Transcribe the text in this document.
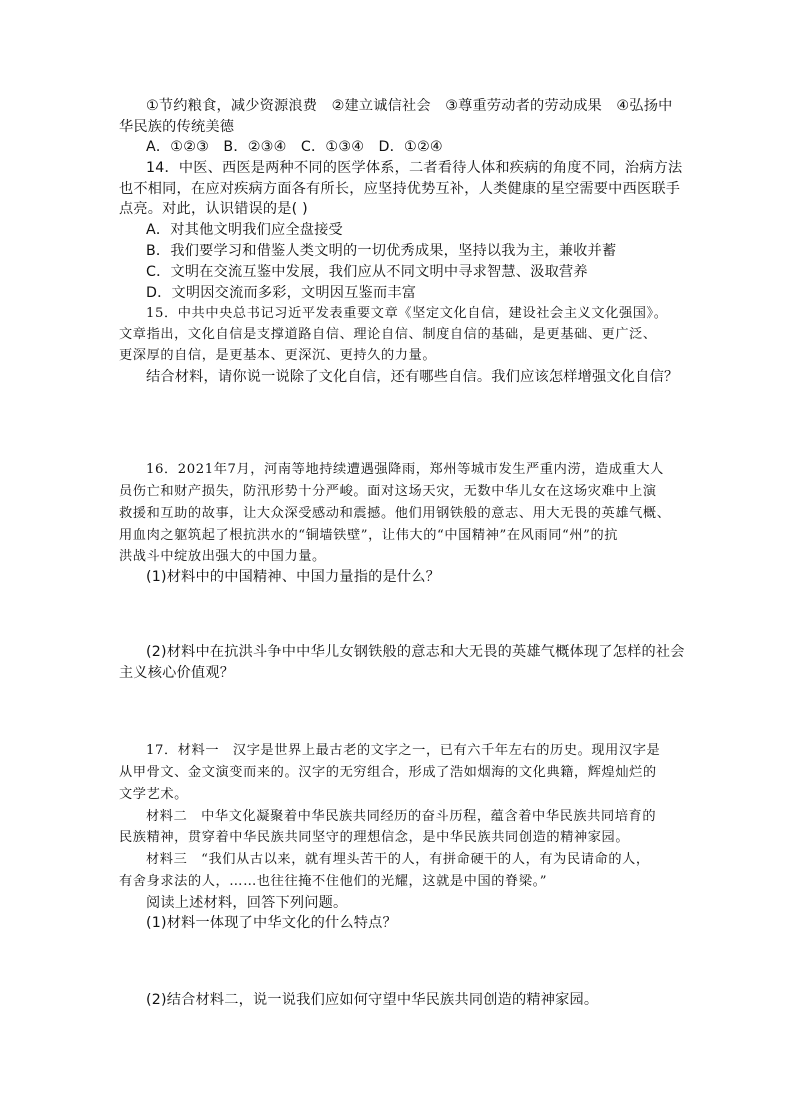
①节约粮食，减少资源浪费　②建立诚信社会　③尊重劳动者的劳动成果　④弘扬中
华民族的传统美德
A．①②③　B．②③④　C．①③④　D．①②④
14．中医、西医是两种不同的医学体系，二者看待人体和疾病的角度不同，治病方法
也不相同，在应对疾病方面各有所长，应坚持优势互补，人类健康的星空需要中西医联手
点亮。对此，认识错误的是( )
A．对其他文明我们应全盘接受
B．我们要学习和借鉴人类文明的一切优秀成果，坚持以我为主，兼收并蓄
C．文明在交流互鉴中发展，我们应从不同文明中寻求智慧、汲取营养
D．文明因交流而多彩，文明因互鉴而丰富
15．中共中央总书记习近平发表重要文章《坚定文化自信，建设社会主义文化强国》。
文章指出，文化自信是支撑道路自信、理论自信、制度自信的基础，是更基础、更广泛、
更深厚的自信，是更基本、更深沉、更持久的力量。
结合材料，请你说一说除了文化自信，还有哪些自信。我们应该怎样增强文化自信？
16．2021年7月，河南等地持续遭遇强降雨，郑州等城市发生严重内涝，造成重大人
员伤亡和财产损失，防汛形势十分严峻。面对这场天灾，无数中华儿女在这场灾难中上演
救援和互助的故事，让大众深受感动和震撼。他们用钢铁般的意志、用大无畏的英雄气概、
用血肉之躯筑起了根抗洪水的“铜墙铁壁”，让伟大的“中国精神”在风雨同“州”的抗
洪战斗中绽放出强大的中国力量。
(1)材料中的中国精神、中国力量指的是什么？
(2)材料中在抗洪斗争中中华儿女钢铁般的意志和大无畏的英雄气概体现了怎样的社会
主义核心价值观？
17．材料一　汉字是世界上最古老的文字之一，已有六千年左右的历史。现用汉字是
从甲骨文、金文演变而来的。汉字的无穷组合，形成了浩如烟海的文化典籍，辉煌灿烂的
文学艺术。
材料二　中华文化凝聚着中华民族共同经历的奋斗历程，蕴含着中华民族共同培育的
民族精神，贯穿着中华民族共同坚守的理想信念，是中华民族共同创造的精神家园。
材料三　“我们从古以来，就有埋头苦干的人，有拼命硬干的人，有为民请命的人，
有舍身求法的人，……也往往掩不住他们的光耀，这就是中国的脊梁。”
阅读上述材料，回答下列问题。
(1)材料一体现了中华文化的什么特点？
(2)结合材料二，说一说我们应如何守望中华民族共同创造的精神家园。
